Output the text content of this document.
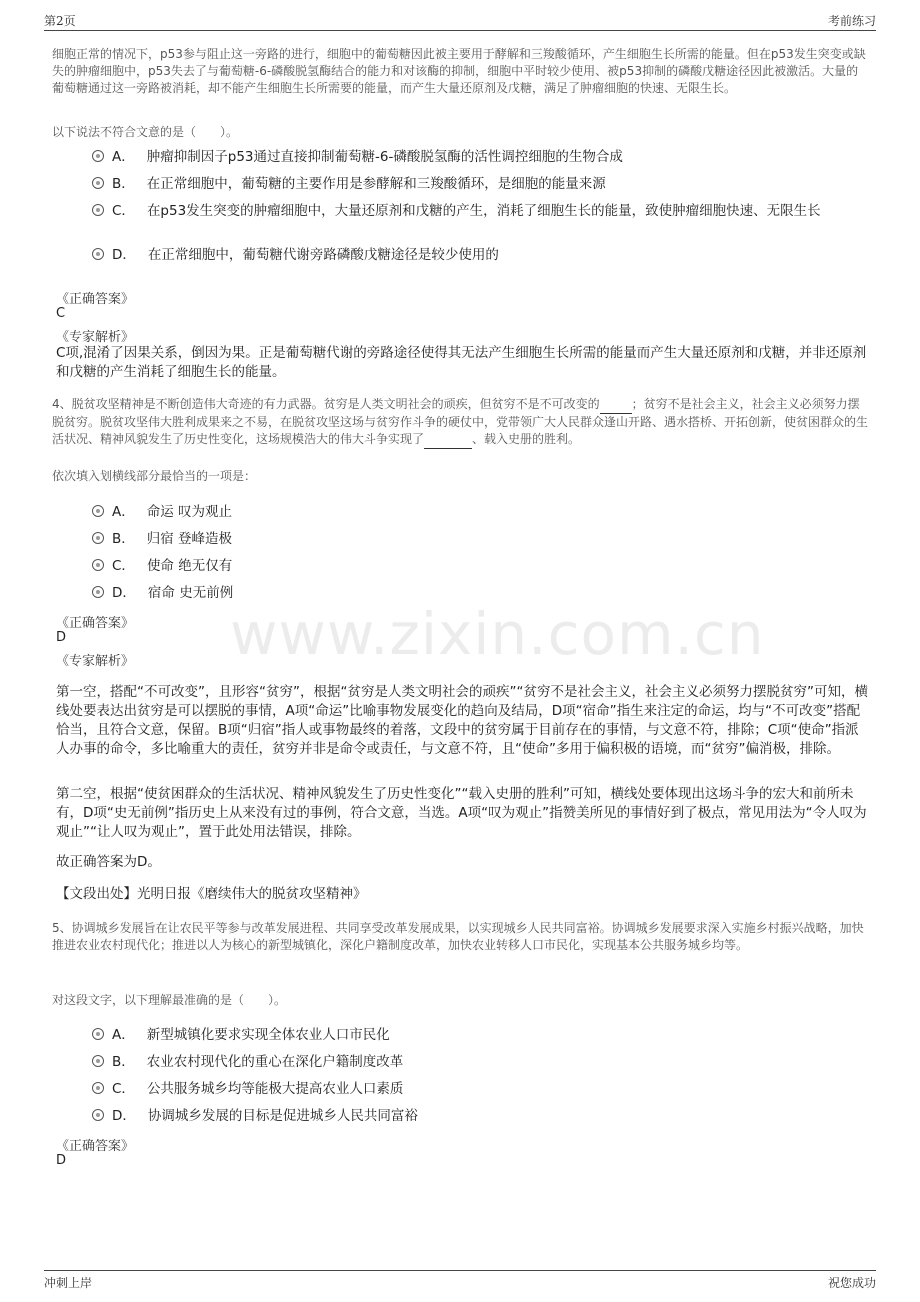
第2页	考前练习
www.zixin.com.cn
细胞正常的情况下，p53参与阻止这一旁路的进行，细胞中的葡萄糖因此被主要用于酵解和三羧酸循环，产生细胞生长所需的能量。但在p53发生突变或缺失的肿瘤细胞中，p53失去了与葡萄糖-6-磷酸脱氢酶结合的能力和对该酶的抑制，细胞中平时较少使用、被p53抑制的磷酸戊糖途径因此被激活。大量的葡萄糖通过这一旁路被消耗，却不能产生细胞生长所需要的能量，而产生大量还原剂及戊糖，满足了肿瘤细胞的快速、无限生长。
以下说法不符合文意的是（　　）。
A． 肿瘤抑制因子p53通过直接抑制葡萄糖-6-磷酸脱氢酶的活性调控细胞的生物合成
B． 在正常细胞中，葡萄糖的主要作用是参酵解和三羧酸循环，是细胞的能量来源
C． 在p53发生突变的肿瘤细胞中，大量还原剂和戊糖的产生，消耗了细胞生长的能量，致使肿瘤细胞快速、无限生长
D． 在正常细胞中，葡萄糖代谢旁路磷酸戊糖途径是较少使用的
《正确答案》
C
《专家解析》
C项,混淆了因果关系，倒因为果。正是葡萄糖代谢的旁路途径使得其无法产生细胞生长所需的能量而产生大量还原剂和戊糖，并非还原剂和戊糖的产生消耗了细胞生长的能量。
4、脱贫攻坚精神是不断创造伟大奇迹的有力武器。贫穷是人类文明社会的顽疾，但贫穷不是不可改变的	；贫穷不是社会主义，社会主义必须努力摆脱贫穷。脱贫攻坚伟大胜利成果来之不易，在脱贫攻坚这场与贫穷作斗争的硬仗中，党带领广大人民群众逢山开路、遇水搭桥、开拓创新，使贫困群众的生活状况、精神风貌发生了历史性变化，这场规模浩大的伟大斗争实现了	、载入史册的胜利。
依次填入划横线部分最恰当的一项是：
A． 命运 叹为观止
B． 归宿 登峰造极
C． 使命 绝无仅有
D． 宿命 史无前例
《正确答案》
D
《专家解析》
第一空，搭配“不可改变”，且形容“贫穷”，根据“贫穷是人类文明社会的顽疾”“贫穷不是社会主义，社会主义必须努力摆脱贫穷”可知，横线处要表达出贫穷是可以摆脱的事情，A项“命运”比喻事物发展变化的趋向及结局，D项“宿命”指生来注定的命运，均与“不可改变”搭配恰当，且符合文意，保留。B项“归宿”指人或事物最终的着落，文段中的贫穷属于目前存在的事情，与文意不符，排除；C项“使命”指派人办事的命令，多比喻重大的责任，贫穷并非是命令或责任，与文意不符，且“使命”多用于偏积极的语境，而“贫穷”偏消极，排除。
第二空，根据“使贫困群众的生活状况、精神风貌发生了历史性变化”“载入史册的胜利”可知，横线处要体现出这场斗争的宏大和前所未有，D项“史无前例”指历史上从来没有过的事例，符合文意，当选。A项“叹为观止”指赞美所见的事情好到了极点，常见用法为“令人叹为观止”“让人叹为观止”，置于此处用法错误，排除。
故正确答案为D。
【文段出处】光明日报《磨续伟大的脱贫攻坚精神》
5、协调城乡发展旨在让农民平等参与改革发展进程、共同享受改革发展成果，以实现城乡人民共同富裕。协调城乡发展要求深入实施乡村振兴战略，加快推进农业农村现代化；推进以人为核心的新型城镇化，深化户籍制度改革，加快农业转移人口市民化，实现基本公共服务城乡均等。
对这段文字，以下理解最准确的是（　　）。
A． 新型城镇化要求实现全体农业人口市民化
B． 农业农村现代化的重心在深化户籍制度改革
C． 公共服务城乡均等能极大提高农业人口素质
D． 协调城乡发展的目标是促进城乡人民共同富裕
《正确答案》
D
冲刺上岸	祝您成功
